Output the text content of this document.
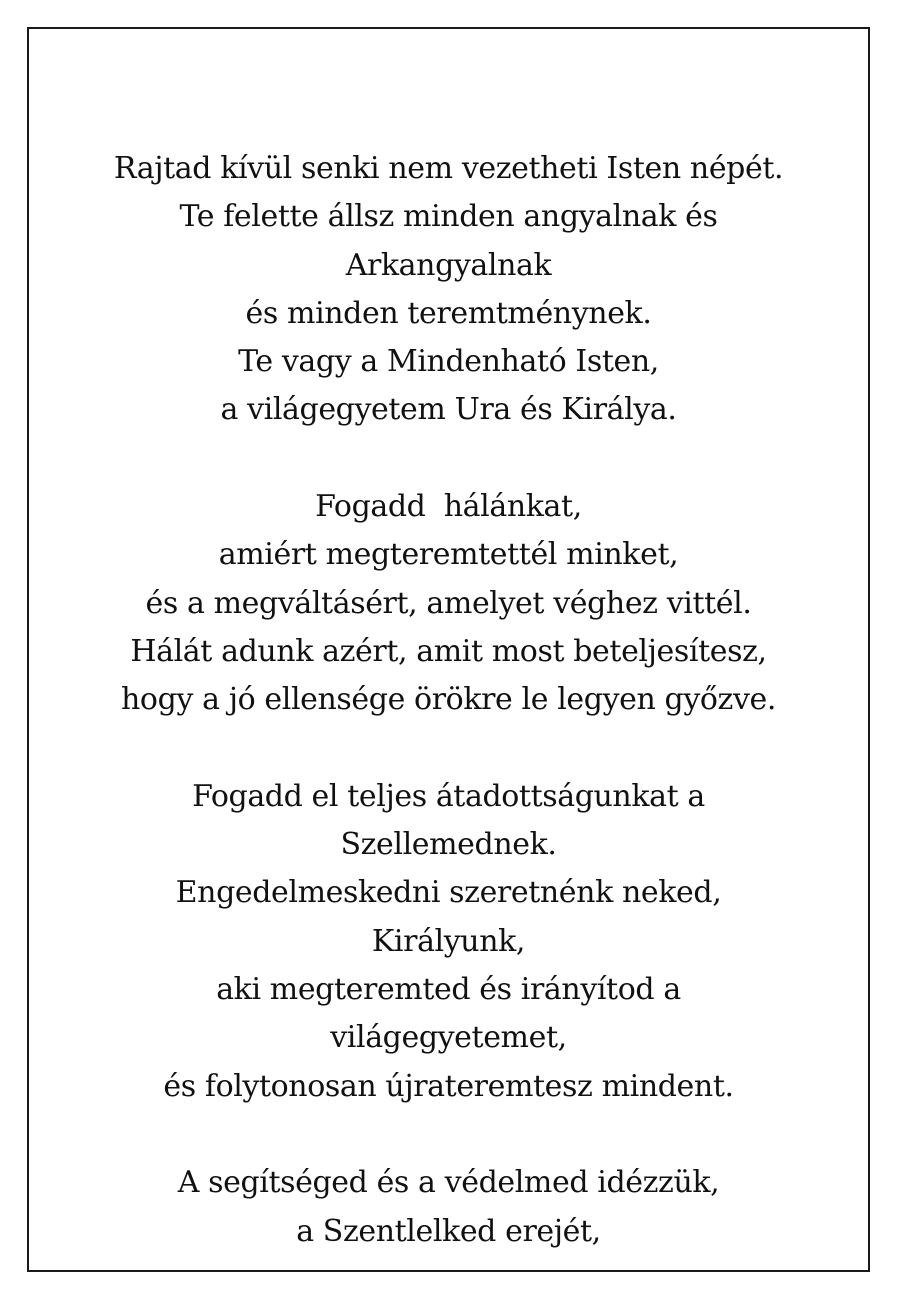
Rajtad kívül senki nem vezetheti Isten népét.
Te felette állsz minden angyalnak és
Arkangyalnak
és minden teremtménynek.
Te vagy a Mindenható Isten,
a világegyetem Ura és Királya.
Fogadd  hálánkat,
amiért megteremtettél minket,
és a megváltásért, amelyet véghez vittél.
Hálát adunk azért, amit most beteljesítesz,
hogy a jó ellensége örökre le legyen győzve.
Fogadd el teljes átadottságunkat a
Szellemednek.
Engedelmeskedni szeretnénk neked,
Királyunk,
aki megteremted és irányítod a
világegyetemet,
és folytonosan újrateremtesz mindent.
A segítséged és a védelmed idézzük,
a Szentlelked erejét,
